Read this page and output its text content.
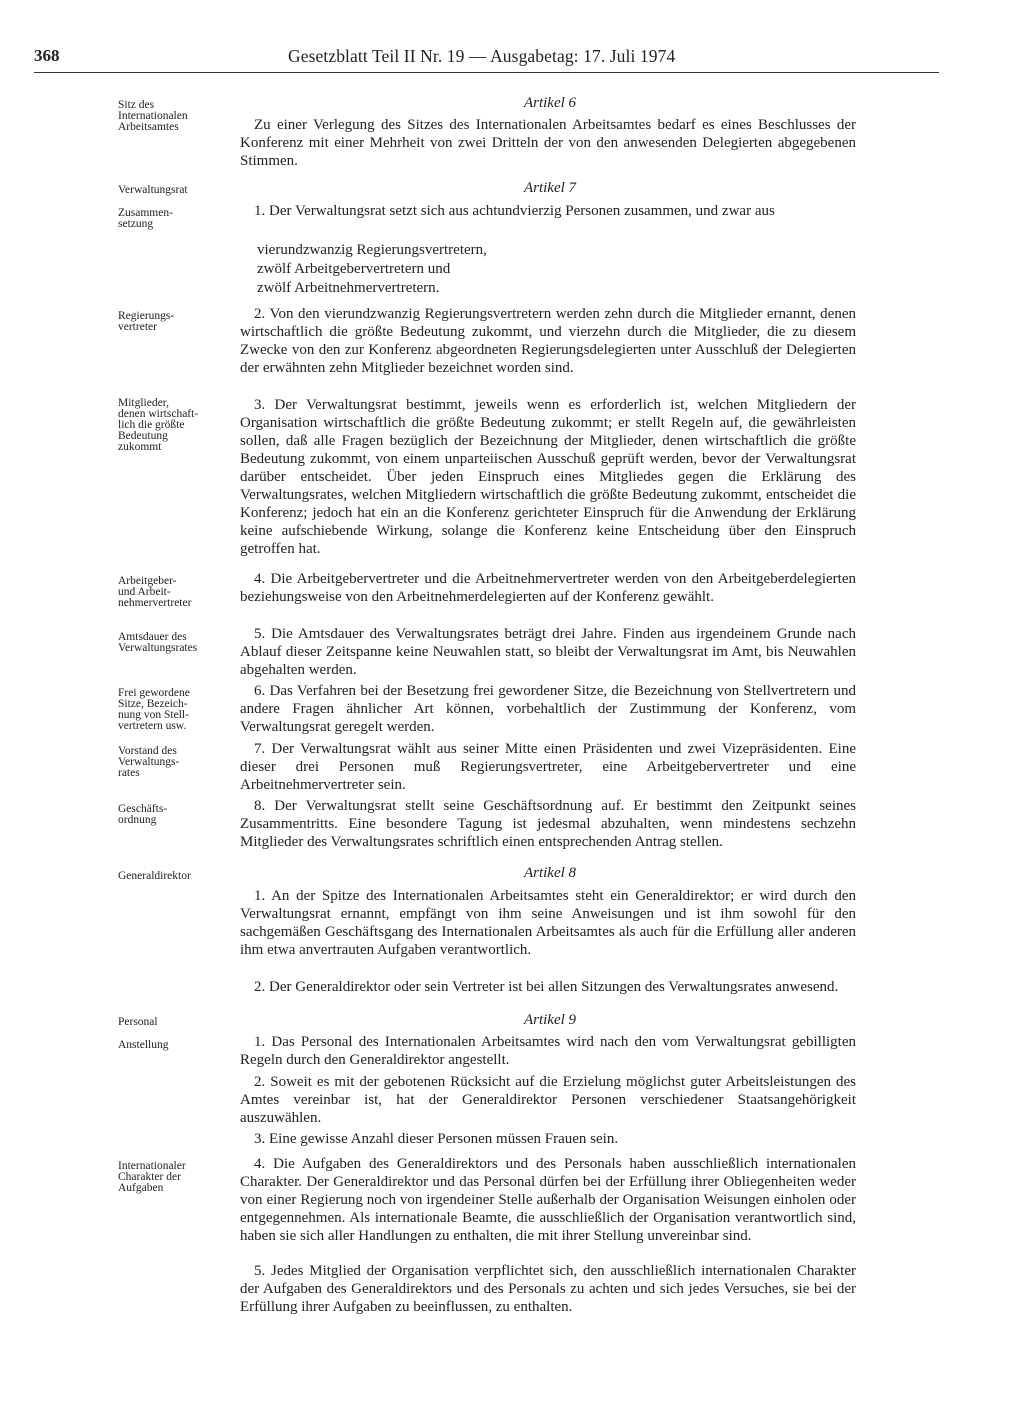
368	Gesetzblatt Teil II Nr. 19 — Ausgabetag: 17. Juli 1974
Sitz des
Internationalen
Arbeitsamtes
Verwaltungsrat
Zusammen-
setzung
Regierungs-
vertreter
Mitglieder,
denen wirtschaft-
lich die größte
Bedeutung
zukommt
Arbeitgeber-
und Arbeit-
nehmervertreter
Amtsdauer des
Verwaltungsrates
Frei gewordene
Sitze, Bezeich-
nung von Stell-
vertretern usw.
Vorstand des
Verwaltungs-
rates
Geschäfts-
ordnung
Generaldirektor
Personal
Anstellung
Internationaler
Charakter der
Aufgaben
Artikel 6

Zu einer Verlegung des Sitzes des Internationalen Arbeitsamtes bedarf es eines Beschlusses der Konferenz mit einer Mehrheit von zwei Dritteln der von den anwesenden Delegierten abgegebenen Stimmen.

Artikel 7

1. Der Verwaltungsrat setzt sich aus achtundvierzig Personen zusammen, und zwar aus

vierundzwanzig Regierungsvertretern,
zwölf Arbeitgebervertretern und
zwölf Arbeitnehmervertretern.

2. Von den vierundzwanzig Regierungsvertretern werden zehn durch die Mitglieder ernannt, denen wirtschaftlich die größte Bedeutung zukommt, und vierzehn durch die Mitglieder, die zu diesem Zwecke von den zur Konferenz abgeordneten Regierungsdelegierten unter Ausschluß der Delegierten der erwähnten zehn Mitglieder bezeichnet worden sind.

3. Der Verwaltungsrat bestimmt, jeweils wenn es erforderlich ist, welchen Mitgliedern der Organisation wirtschaftlich die größte Bedeutung zukommt; er stellt Regeln auf, die gewährleisten sollen, daß alle Fragen bezüglich der Bezeichnung der Mitglieder, denen wirtschaftlich die größte Bedeutung zukommt, von einem unparteiischen Ausschuß geprüft werden, bevor der Verwaltungsrat darüber entscheidet. Über jeden Einspruch eines Mitgliedes gegen die Erklärung des Verwaltungsrates, welchen Mitgliedern wirtschaftlich die größte Bedeutung zukommt, entscheidet die Konferenz; jedoch hat ein an die Konferenz gerichteter Einspruch für die Anwendung der Erklärung keine aufschiebende Wirkung, solange die Konferenz keine Entscheidung über den Einspruch getroffen hat.

4. Die Arbeitgebervertreter und die Arbeitnehmervertreter werden von den Arbeitgeberdelegierten beziehungsweise von den Arbeitnehmerdelegierten auf der Konferenz gewählt.

5. Die Amtsdauer des Verwaltungsrates beträgt drei Jahre. Finden aus irgendeinem Grunde nach Ablauf dieser Zeitspanne keine Neuwahlen statt, so bleibt der Verwaltungsrat im Amt, bis Neuwahlen abgehalten werden.

6. Das Verfahren bei der Besetzung frei gewordener Sitze, die Bezeichnung von Stellvertretern und andere Fragen ähnlicher Art können, vorbehaltlich der Zustimmung der Konferenz, vom Verwaltungsrat geregelt werden.

7. Der Verwaltungsrat wählt aus seiner Mitte einen Präsidenten und zwei Vizepräsidenten. Eine dieser drei Personen muß Regierungsvertreter, eine Arbeitgebervertreter und eine Arbeitnehmervertreter sein.

8. Der Verwaltungsrat stellt seine Geschäftsordnung auf. Er bestimmt den Zeitpunkt seines Zusammentritts. Eine besondere Tagung ist jedesmal abzuhalten, wenn mindestens sechzehn Mitglieder des Verwaltungsrates schriftlich einen entsprechenden Antrag stellen.

Artikel 8

1. An der Spitze des Internationalen Arbeitsamtes steht ein Generaldirektor; er wird durch den Verwaltungsrat ernannt, empfängt von ihm seine Anweisungen und ist ihm sowohl für den sachgemäßen Geschäftsgang des Internationalen Arbeitsamtes als auch für die Erfüllung aller anderen ihm etwa anvertrauten Aufgaben verantwortlich.

2. Der Generaldirektor oder sein Vertreter ist bei allen Sitzungen des Verwaltungsrates anwesend.

Artikel 9

1. Das Personal des Internationalen Arbeitsamtes wird nach den vom Verwaltungsrat gebilligten Regeln durch den Generaldirektor angestellt.

2. Soweit es mit der gebotenen Rücksicht auf die Erzielung möglichst guter Arbeitsleistungen des Amtes vereinbar ist, hat der Generaldirektor Personen verschiedener Staatsangehörigkeit auszuwählen.

3. Eine gewisse Anzahl dieser Personen müssen Frauen sein.

4. Die Aufgaben des Generaldirektors und des Personals haben ausschließlich internationalen Charakter. Der Generaldirektor und das Personal dürfen bei der Erfüllung ihrer Obliegenheiten weder von einer Regierung noch von irgendeiner Stelle außerhalb der Organisation Weisungen einholen oder entgegennehmen. Als internationale Beamte, die ausschließlich der Organisation verantwortlich sind, haben sie sich aller Handlungen zu enthalten, die mit ihrer Stellung unvereinbar sind.

5. Jedes Mitglied der Organisation verpflichtet sich, den ausschließlich internationalen Charakter der Aufgaben des Generaldirektors und des Personals zu achten und sich jedes Versuches, sie bei der Erfüllung ihrer Aufgaben zu beeinflussen, zu enthalten.
